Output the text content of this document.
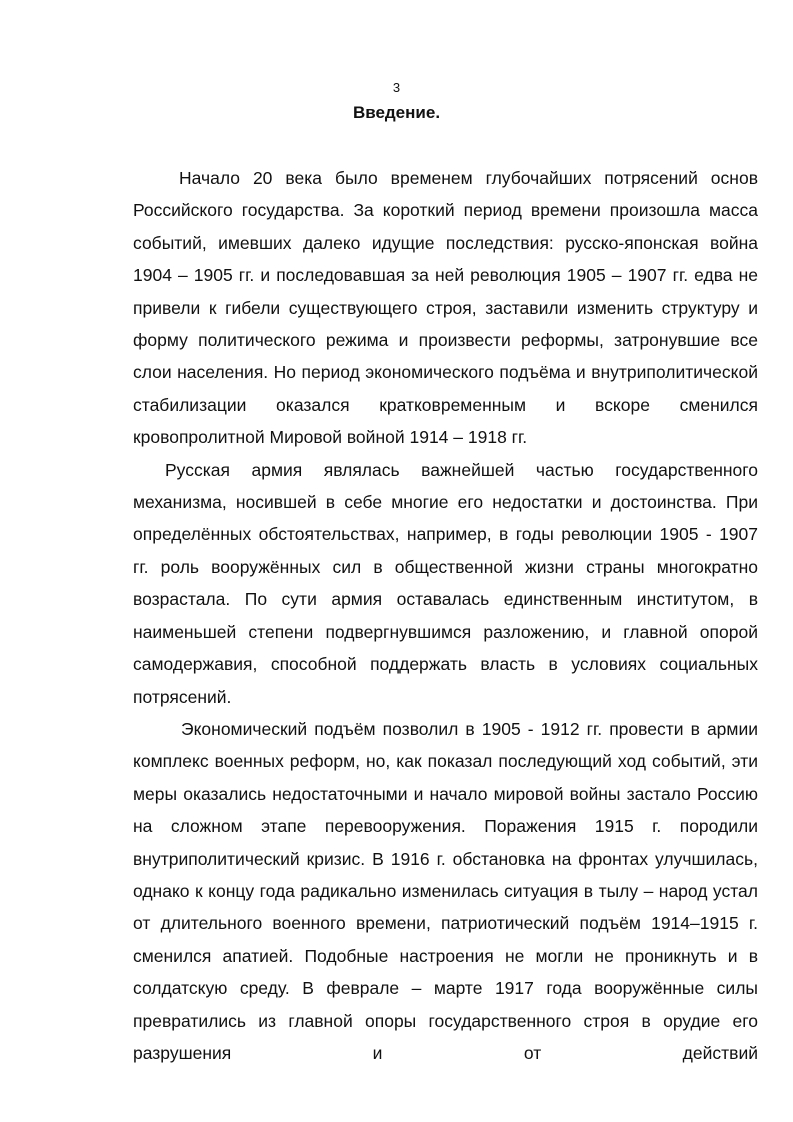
3
Введение.

Начало 20 века было временем глубочайших потрясений основ Российского государства. За короткий период времени произошла масса событий, имевших далеко идущие последствия: русско-японская война 1904 – 1905 гг. и последовавшая за ней революция 1905 – 1907 гг. едва не привели к гибели существующего строя, заставили изменить структуру и форму политического режима и произвести реформы, затронувшие все слои населения. Но период экономического подъёма и внутриполитической стабилизации оказался кратковременным и вскоре сменился кровопролитной Мировой войной 1914 – 1918 гг.

Русская армия являлась важнейшей частью государственного механизма, носившей в себе многие его недостатки и достоинства. При определённых обстоятельствах, например, в годы революции 1905 - 1907 гг. роль вооружённых сил в общественной жизни страны многократно возрастала. По сути армия оставалась единственным институтом, в наименьшей степени подвергнувшимся разложению, и главной опорой самодержавия, способной поддержать власть в условиях социальных потрясений.

Экономический подъём позволил в 1905 - 1912 гг. провести в армии комплекс военных реформ, но, как показал последующий ход событий, эти меры оказались недостаточными и начало мировой войны застало Россию на сложном этапе перевооружения. Поражения 1915 г. породили внутриполитический кризис. В 1916 г. обстановка на фронтах улучшилась, однако к концу года радикально изменилась ситуация в тылу – народ устал от длительного военного времени, патриотический подъём 1914–1915 г. сменился апатией. Подобные настроения не могли не проникнуть и в солдатскую среду. В феврале – марте 1917 года вооружённые силы превратились из главной опоры государственного строя в орудие его разрушения и от действий
